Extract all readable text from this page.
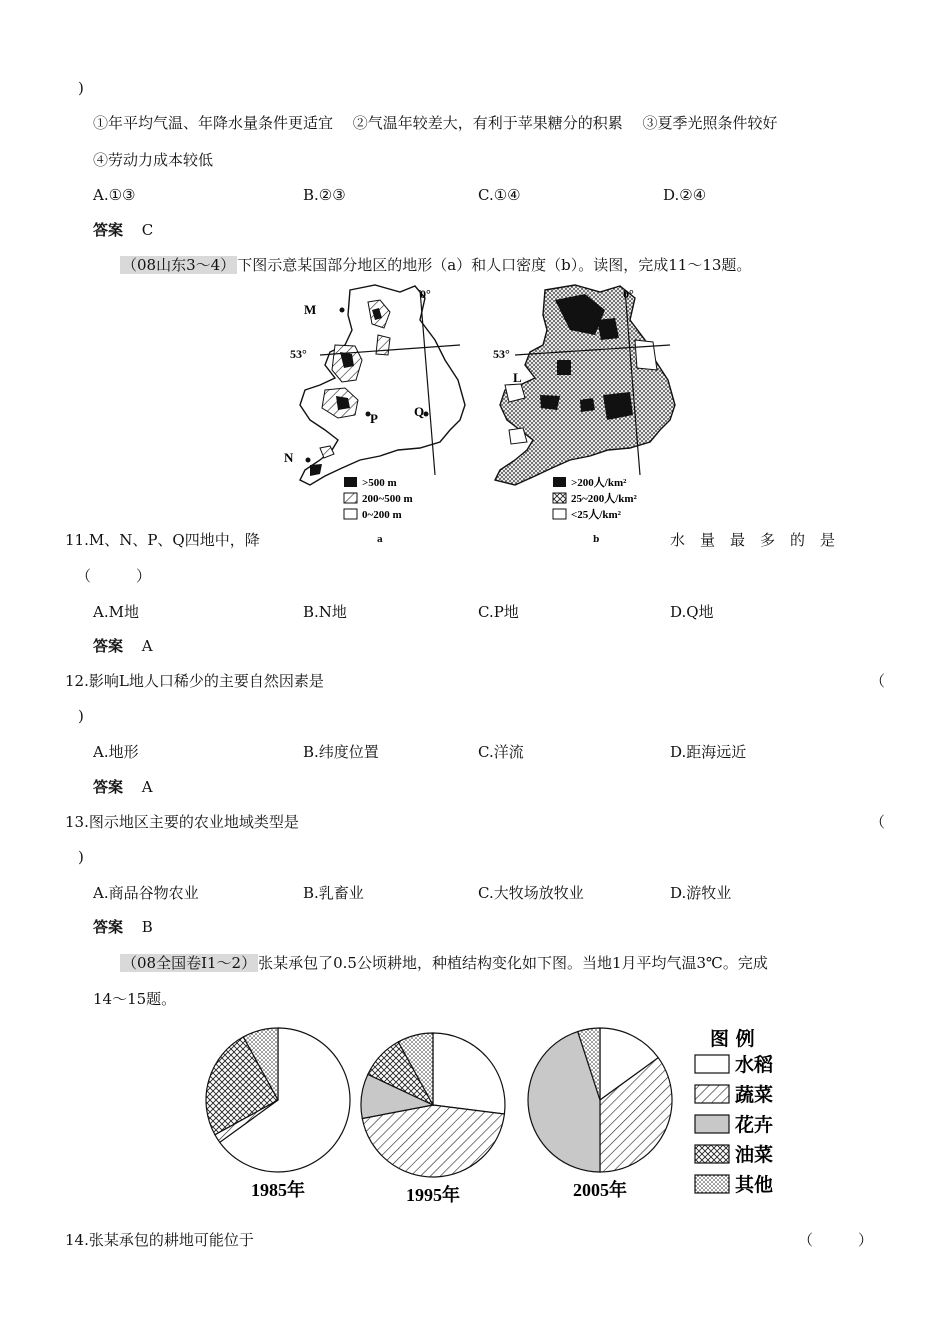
)
①年平均气温、年降水量条件更适宜　 ②气温年较差大，有利于苹果糖分的积累　 ③夏季光照条件较好
④劳动力成本较低
A.①③	B.②③	C.①④	D.②④
答案 C
（08山东3～4） 下图示意某国部分地区的地形（a）和人口密度（b）。读图，完成11～13题。
M
N
P	Q
53°
0°
>500 m
200~500 m
0~200 m
53°
0°
L
>200人/km²
25~200人/km²
<25人/km²
11.M、N、P、Q四地中，降	a	b	水　量　最　多　的　是
（　　　）
A.M地	B.N地	C.P地	D.Q地
答案 A
12.影响L地人口稀少的主要自然因素是	（
)
A.地形	B.纬度位置	C.洋流	D.距海远近
答案 A
13.图示地区主要的农业地域类型是	（
)
A.商品谷物农业	B.乳畜业	C.大牧场放牧业	D.游牧业
答案 B
（08全国卷Ⅰ1～2） 张某承包了0.5公顷耕地，种植结构变化如下图。当地1月平均气温3℃。完成
14～15题。
1985年	1995年	2005年
图 例
水稻
蔬菜
花卉
油菜
其他
14.张某承包的耕地可能位于	（　　　）
